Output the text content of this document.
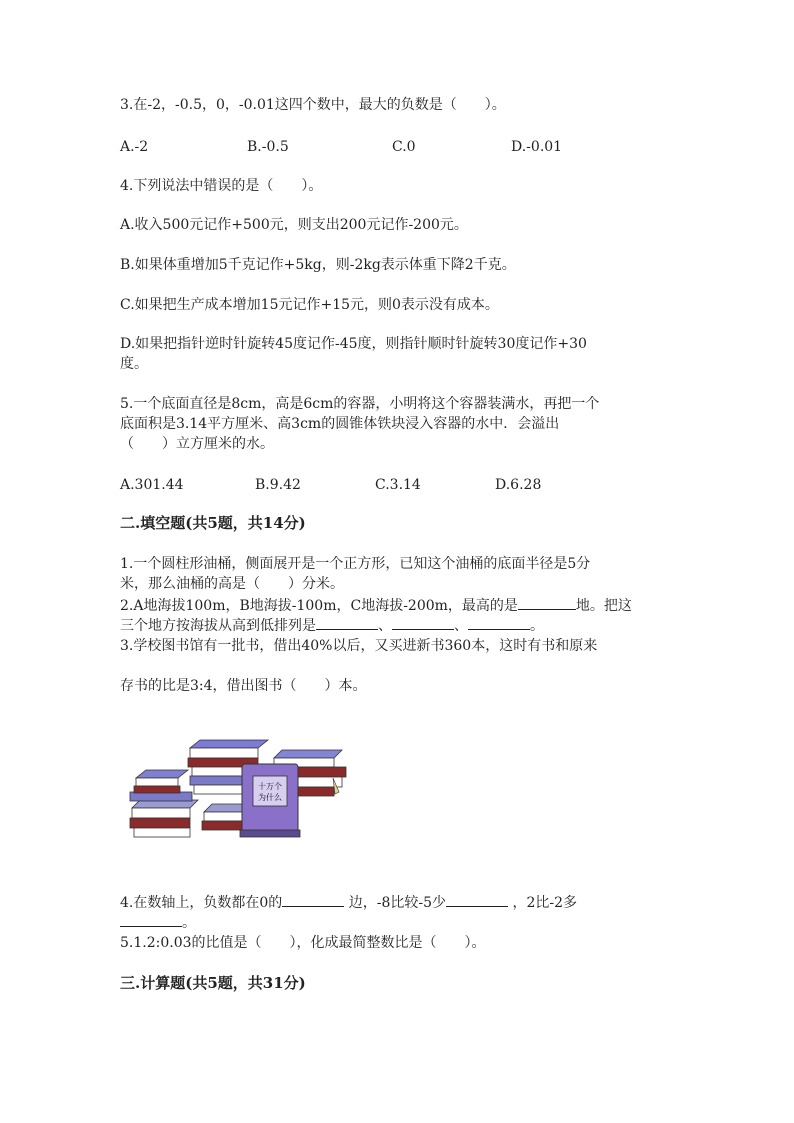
3.在-2，-0.5，0，-0.01这四个数中，最大的负数是（　　）。
A.-2	B.-0.5	C.0	D.-0.01
4.下列说法中错误的是（　　）。
A.收入500元记作+500元，则支出200元记作-200元。
B.如果体重增加5千克记作+5kg，则-2kg表示体重下降2千克。
C.如果把生产成本增加15元记作+15元，则0表示没有成本。
D.如果把指针逆时针旋转45度记作-45度，则指针顺时针旋转30度记作+30
度。
5.一个底面直径是8cm，高是6cm的容器，小明将这个容器装满水，再把一个
底面积是3.14平方厘米、高3cm的圆锥体铁块浸入容器的水中．会溢出
（　　）立方厘米的水。
A.301.44	B.9.42	C.3.14	D.6.28
二.填空题(共5题，共14分)
1.一个圆柱形油桶，侧面展开是一个正方形，已知这个油桶的底面半径是5分
米，那么油桶的高是（　　）分米。
2.A地海拔100m，B地海拔-100m，C地海拔-200m，最高的是	地。把这
三个地方按海拔从高到低排列是	、	、	。
3.学校图书馆有一批书，借出40%以后，又买进新书360本，这时有书和原来
存书的比是3:4，借出图书（　　）本。
十万个
为什么
4.在数轴上，负数都在0的	边，-8比较-5少	，2比-2多
。
5.1.2:0.03的比值是（　　），化成最简整数比是（　　）。
三.计算题(共5题，共31分)
